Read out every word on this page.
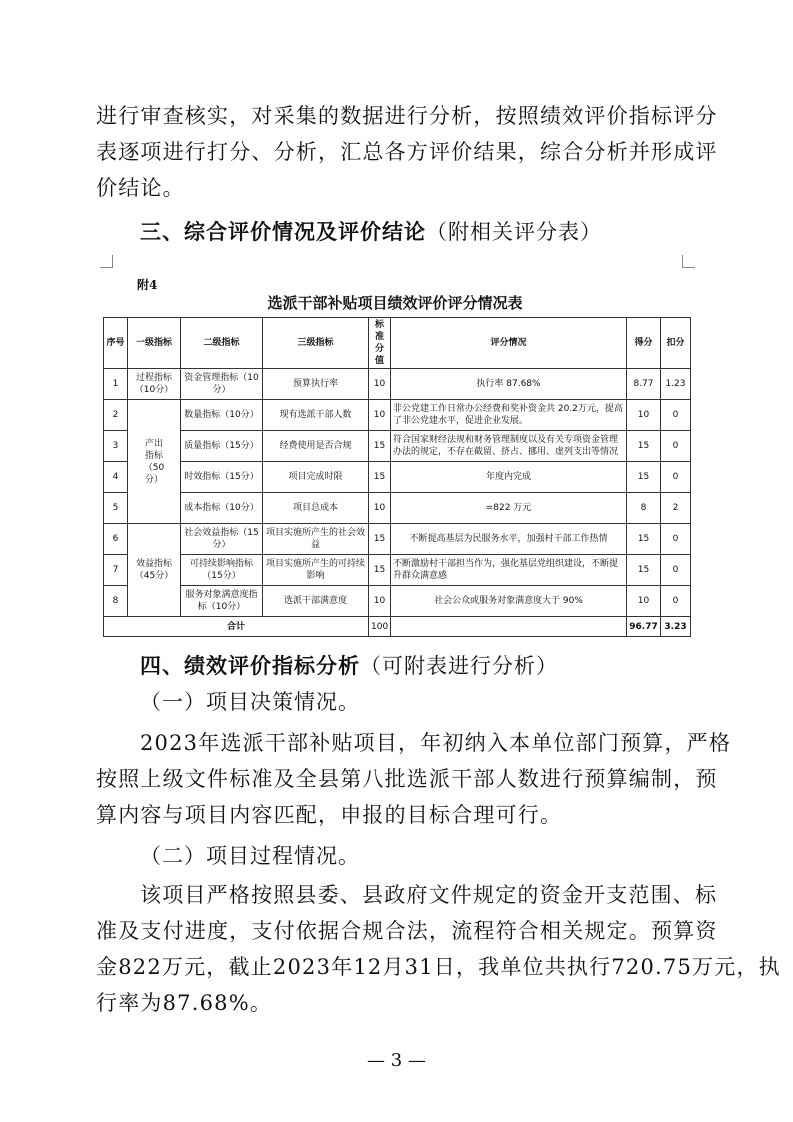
进行审查核实，对采集的数据进行分析，按照绩效评价指标评分
表逐项进行打分、分析，汇总各方评价结果，综合分析并形成评
价结论。
三、综合评价情况及评价结论（附相关评分表）
附4
选派干部补贴项目绩效评价评分情况表
序号	一级指标	二级指标	三级指标	标准分值	评分情况	得分	扣分
1	过程指标（10分）	资金管理指标（10分）	预算执行率	10	执行率 87.68%	8.77	1.23
2	产出指标（50分）	数量指标（10分）	现有选派干部人数	10	非公党建工作日常办公经费和奖补资金共 20.2万元，提高了非公党建水平，促进企业发展。	10	0
3		质量指标（15分）	经费使用是否合规	15	符合国家财经法规和财务管理制度以及有关专项资金管理办法的规定，不存在截留、挤占、挪用、虚列支出等情况	15	0
4		时效指标（15分）	项目完成时限	15	年度内完成	15	0
5		成本指标（10分）	项目总成本	10	=822 万元	8	2
6	效益指标（45分）	社会效益指标（15分）	项目实施所产生的社会效益	15	不断提高基层为民服务水平，加强村干部工作热情	15	0
7		可持续影响指标（15分）	项目实施所产生的可持续影响	15	不断激励村干部担当作为，强化基层党组织建设，不断提升群众满意感	15	0
8		服务对象满意度指标（10分）	选派干部满意度	10	社会公众或服务对象满意度大于 90%	10	0
合计				100		96.77	3.23
四、绩效评价指标分析（可附表进行分析）
（一）项目决策情况。
2023年选派干部补贴项目，年初纳入本单位部门预算，严格
按照上级文件标准及全县第八批选派干部人数进行预算编制，预
算内容与项目内容匹配，申报的目标合理可行。
（二）项目过程情况。
该项目严格按照县委、县政府文件规定的资金开支范围、标
准及支付进度，支付依据合规合法，流程符合相关规定。预算资
金822万元，截止2023年12月31日，我单位共执行720.75万元，执
行率为87.68%。
— 3 —
